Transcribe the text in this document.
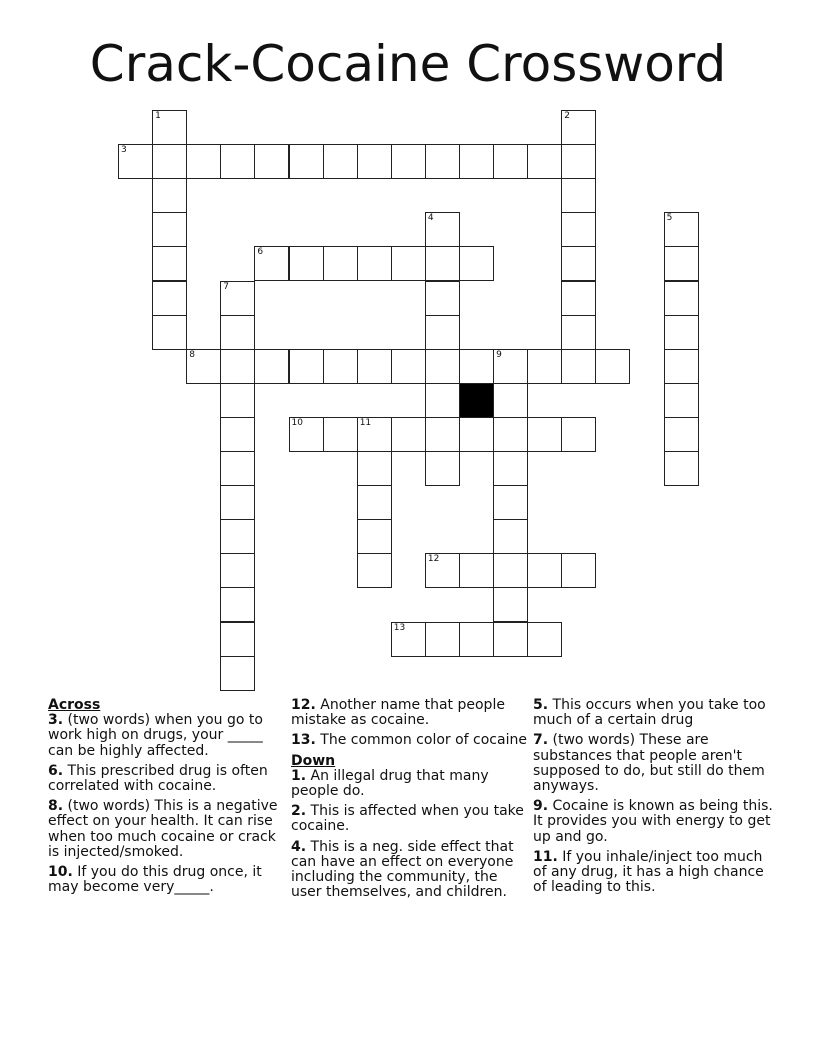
Crack-Cocaine Crossword
1	2
3
4	5
6
7
8	9
10	11
12
13
Across
3. (two words) when you go to work high on drugs, your _____ can be highly affected.
6. This prescribed drug is often correlated with cocaine.
8. (two words) This is a negative effect on your health. It can rise when too much cocaine or crack is injected/smoked.
10. If you do this drug once, it may become very_____.
12. Another name that people mistake as cocaine.
13. The common color of cocaine
Down
1. An illegal drug that many people do.
2. This is affected when you take cocaine.
4. This is a neg. side effect that can have an effect on everyone including the community, the user themselves, and children.
5. This occurs when you take too much of a certain drug
7. (two words) These are substances that people aren't supposed to do, but still do them anyways.
9. Cocaine is known as being this. It provides you with energy to get up and go.
11. If you inhale/inject too much of any drug, it has a high chance of leading to this.
